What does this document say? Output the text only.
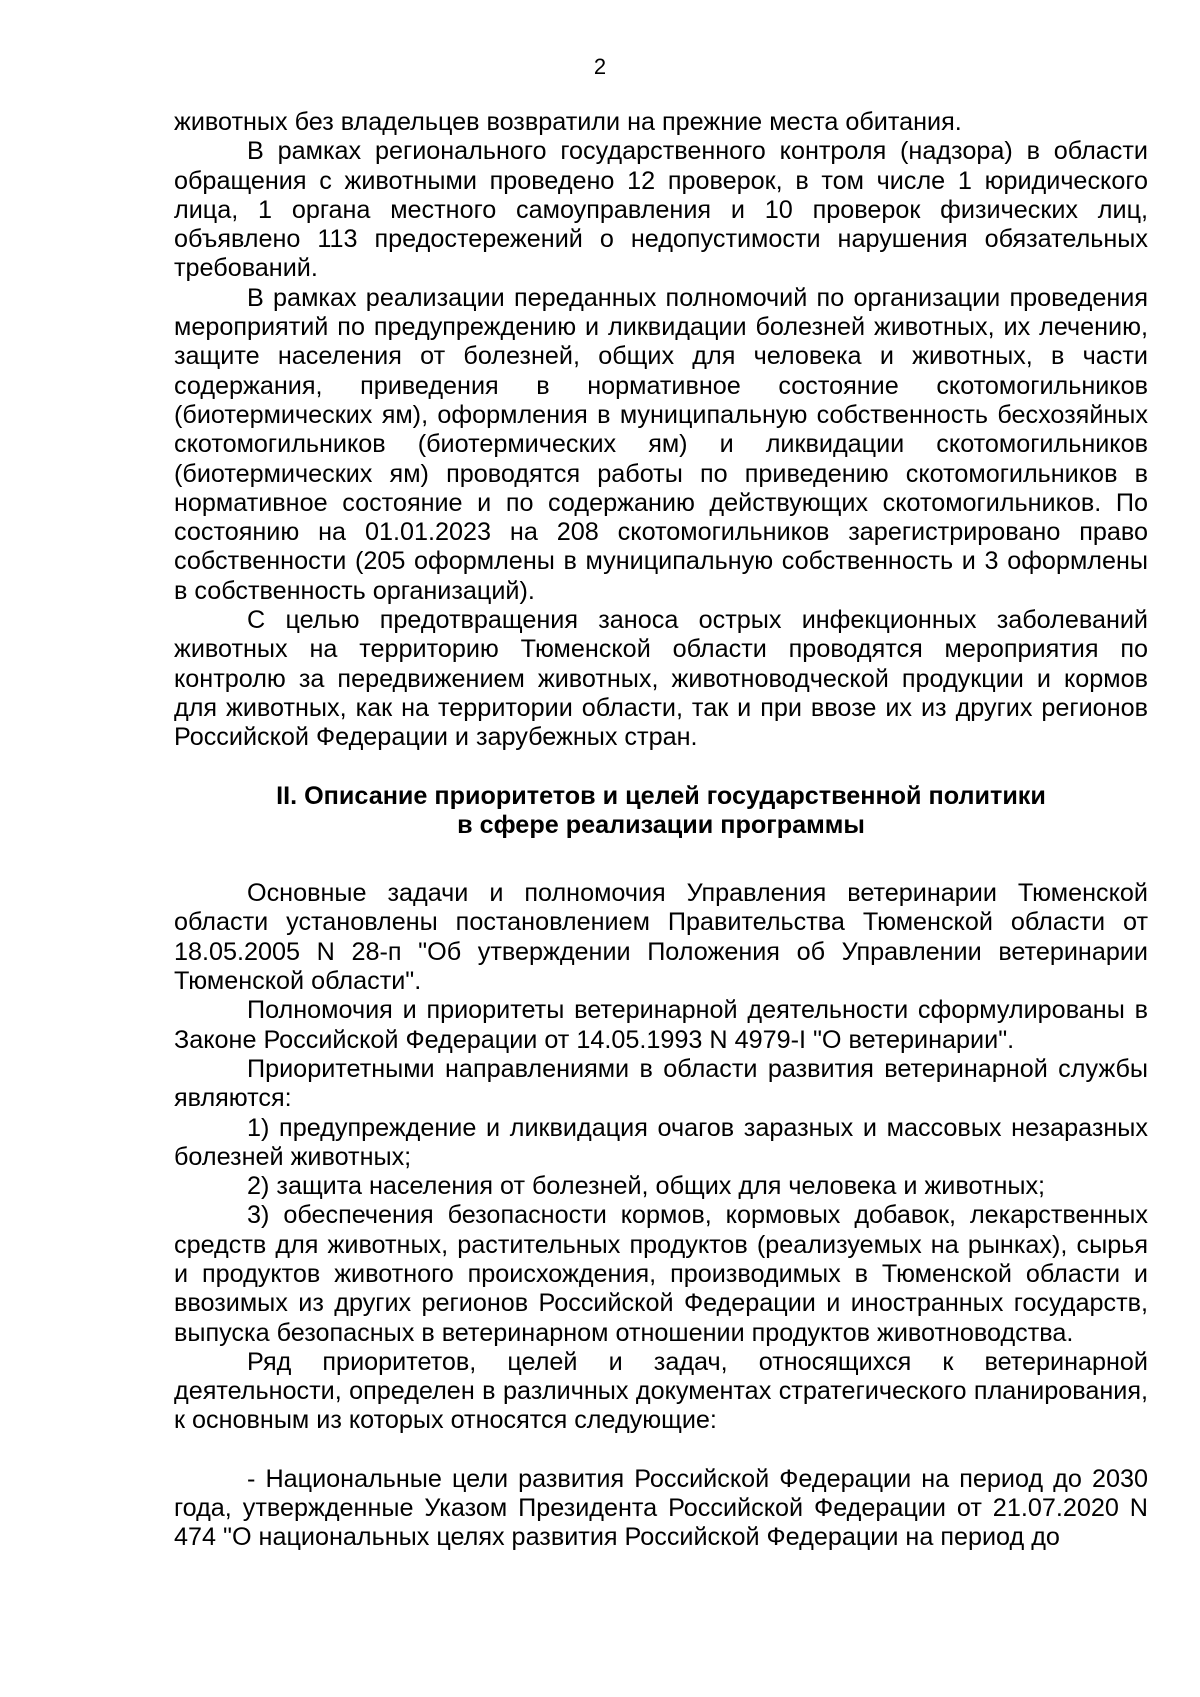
2

животных без владельцев возвратили на прежние места обитания.

В рамках регионального государственного контроля (надзора) в области обращения с животными проведено 12 проверок, в том числе 1 юридического лица, 1 органа местного самоуправления и 10 проверок физических лиц, объявлено 113 предостережений о недопустимости нарушения обязательных требований.

В рамках реализации переданных полномочий по организации проведения мероприятий по предупреждению и ликвидации болезней животных, их лечению, защите населения от болезней, общих для человека и животных, в части содержания, приведения в нормативное состояние скотомогильников (биотермических ям), оформления в муниципальную собственность бесхозяйных скотомогильников (биотермических ям) и ликвидации скотомогильников (биотермических ям) проводятся работы по приведению скотомогильников в нормативное состояние и по содержанию действующих скотомогильников. По состоянию на 01.01.2023 на 208 скотомогильников зарегистрировано право собственности (205 оформлены в муниципальную собственность и 3 оформлены в собственность организаций).

С целью предотвращения заноса острых инфекционных заболеваний животных на территорию Тюменской области проводятся мероприятия по контролю за передвижением животных, животноводческой продукции и кормов для животных, как на территории области, так и при ввозе их из других регионов Российской Федерации и зарубежных стран.

II. Описание приоритетов и целей государственной политики
в сфере реализации программы

Основные задачи и полномочия Управления ветеринарии Тюменской области установлены постановлением Правительства Тюменской области от 18.05.2005 N 28-п "Об утверждении Положения об Управлении ветеринарии Тюменской области".

Полномочия и приоритеты ветеринарной деятельности сформулированы в Законе Российской Федерации от 14.05.1993 N 4979-I "О ветеринарии".

Приоритетными направлениями в области развития ветеринарной службы являются:

1) предупреждение и ликвидация очагов заразных и массовых незаразных болезней животных;

2) защита населения от болезней, общих для человека и животных;

3) обеспечения безопасности кормов, кормовых добавок, лекарственных средств для животных, растительных продуктов (реализуемых на рынках), сырья и продуктов животного происхождения, производимых в Тюменской области и ввозимых из других регионов Российской Федерации и иностранных государств, выпуска безопасных в ветеринарном отношении продуктов животноводства.

Ряд приоритетов, целей и задач, относящихся к ветеринарной деятельности, определен в различных документах стратегического планирования, к основным из которых относятся следующие:

- Национальные цели развития Российской Федерации на период до 2030 года, утвержденные Указом Президента Российской Федерации от 21.07.2020 N 474 "О национальных целях развития Российской Федерации на период до
